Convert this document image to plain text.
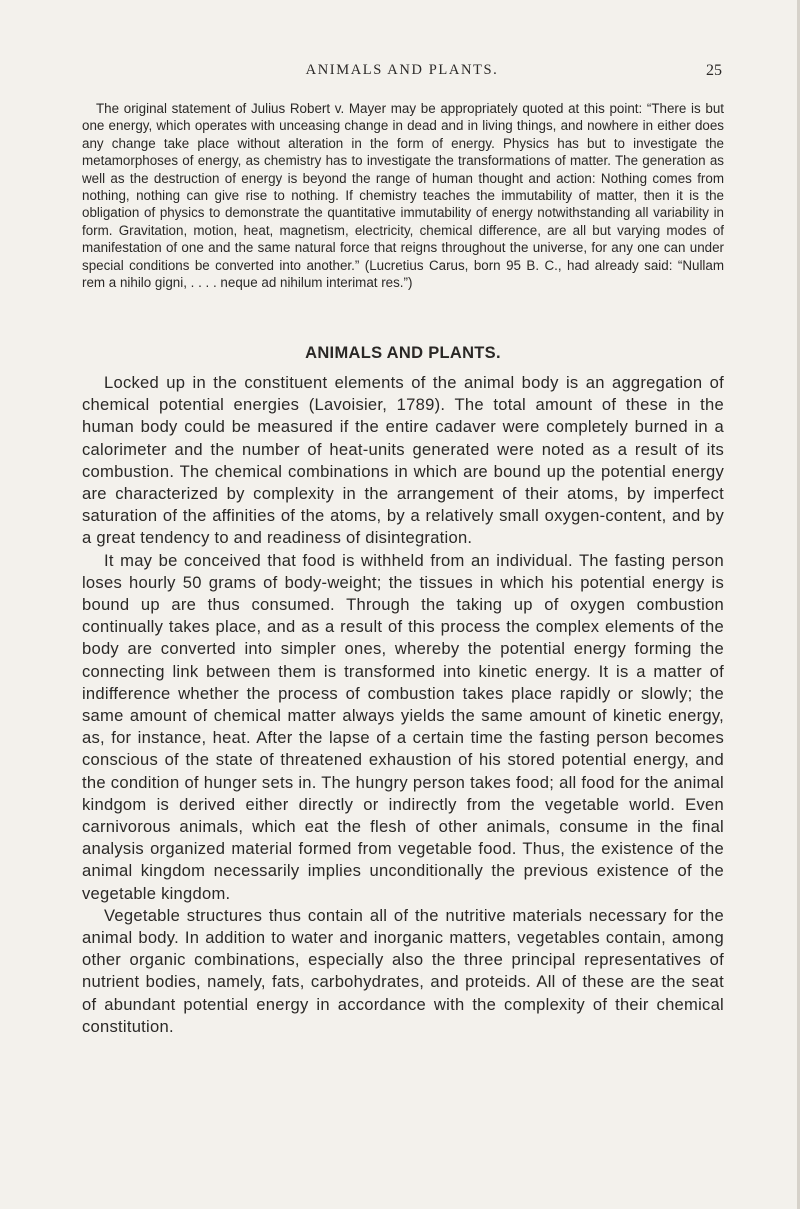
ANIMALS AND PLANTS.	25

The original statement of Julius Robert v. Mayer may be appropriately quoted at this point: “There is but one energy, which operates with unceasing change in dead and in living things, and nowhere in either does any change take place without alteration in the form of energy. Physics has but to investigate the metamorphoses of energy, as chemistry has to investigate the transformations of matter. The generation as well as the destruction of energy is beyond the range of human thought and action: Nothing comes from nothing, nothing can give rise to nothing. If chemistry teaches the immutability of matter, then it is the obligation of physics to demonstrate the quantitative immutability of energy notwithstanding all variability in form. Gravitation, motion, heat, magnetism, electricity, chemical difference, are all but varying modes of manifestation of one and the same natural force that reigns throughout the universe, for any one can under special conditions be converted into another.” (Lucretius Carus, born 95 B. C., had already said: “Nullam rem a nihilo gigni, . . . . neque ad nihilum interimat res.”)

ANIMALS AND PLANTS.

Locked up in the constituent elements of the animal body is an aggregation of chemical potential energies (Lavoisier, 1789). The total amount of these in the human body could be measured if the entire cadaver were completely burned in a calorimeter and the number of heat-units generated were noted as a result of its combustion. The chemical combinations in which are bound up the potential energy are characterized by complexity in the arrangement of their atoms, by imperfect saturation of the affinities of the atoms, by a relatively small oxygen-content, and by a great tendency to and readiness of disintegration.

It may be conceived that food is withheld from an individual. The fasting person loses hourly 50 grams of body-weight; the tissues in which his potential energy is bound up are thus consumed. Through the taking up of oxygen combustion continually takes place, and as a result of this process the complex elements of the body are converted into simpler ones, whereby the potential energy forming the connecting link between them is transformed into kinetic energy. It is a matter of indifference whether the process of combustion takes place rapidly or slowly; the same amount of chemical matter always yields the same amount of kinetic energy, as, for instance, heat. After the lapse of a certain time the fasting person becomes conscious of the state of threatened exhaustion of his stored potential energy, and the condition of hunger sets in. The hungry person takes food; all food for the animal kindgom is derived either directly or indirectly from the vegetable world. Even carnivorous animals, which eat the flesh of other animals, consume in the final analysis organized material formed from vegetable food. Thus, the existence of the animal kingdom necessarily implies unconditionally the previous existence of the vegetable kingdom.

Vegetable structures thus contain all of the nutritive materials necessary for the animal body. In addition to water and inorganic matters, vegetables contain, among other organic combinations, especially also the three principal representatives of nutrient bodies, namely, fats, carbohydrates, and proteids. All of these are the seat of abundant potential energy in accordance with the complexity of their chemical constitution.
